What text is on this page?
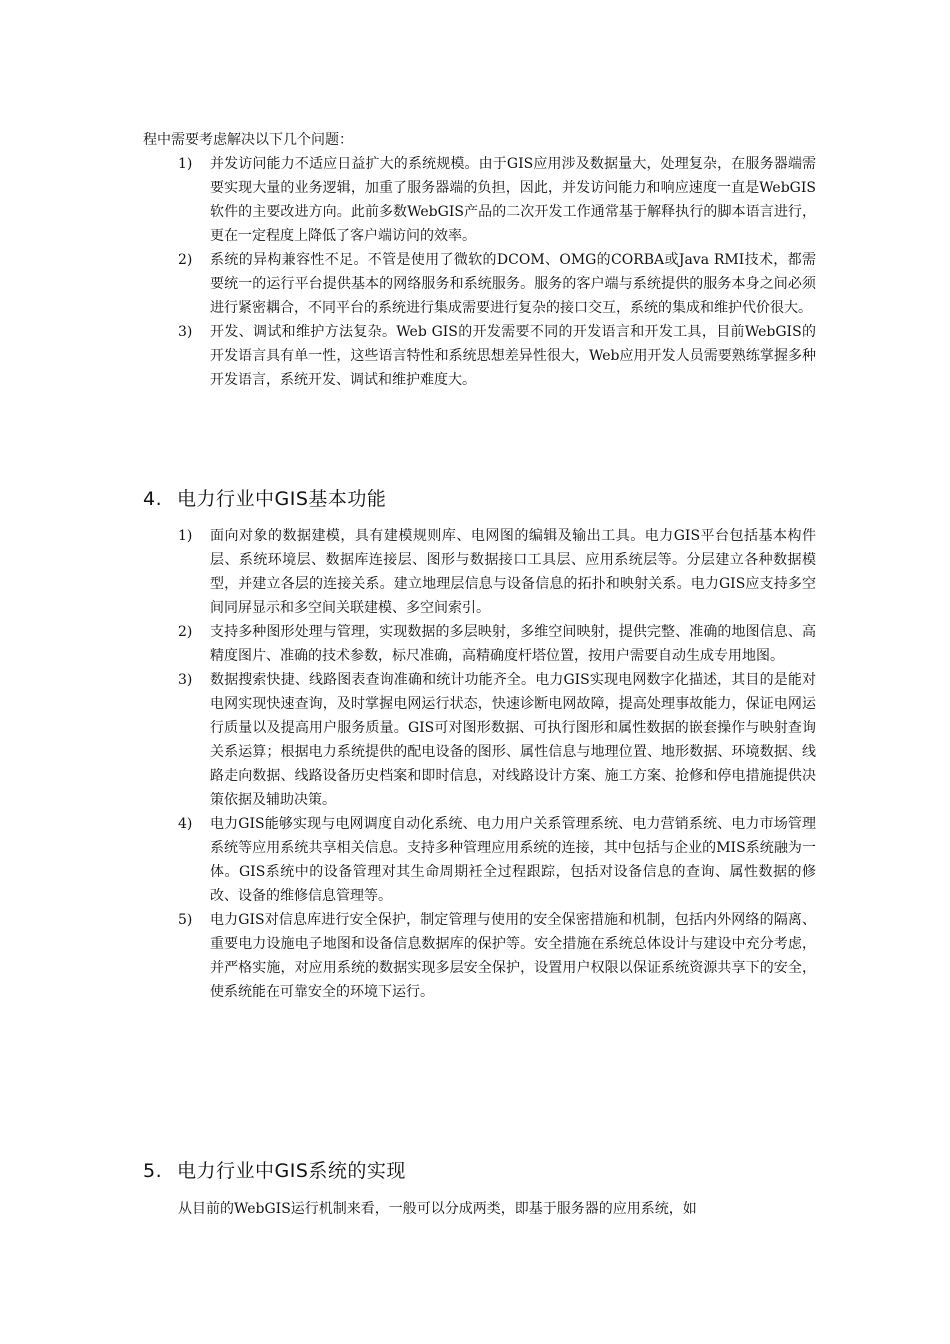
程中需要考虑解决以下几个问题：
1)	并发访问能力不适应日益扩大的系统规模。由于GIS应用涉及数据量大，处理复杂，在服务器端需要实现大量的业务逻辑，加重了服务器端的负担，因此，并发访问能力和响应速度一直是WebGIS软件的主要改进方向。此前多数WebGIS产品的二次开发工作通常基于解释执行的脚本语言进行，更在一定程度上降低了客户端访问的效率。
2)	系统的异构兼容性不足。不管是使用了微软的DCOM、OMG的CORBA或Java RMI技术，都需要统一的运行平台提供基本的网络服务和系统服务。服务的客户端与系统提供的服务本身之间必须进行紧密耦合，不同平台的系统进行集成需要进行复杂的接口交互，系统的集成和维护代价很大。
3)	开发、调试和维护方法复杂。Web GIS的开发需要不同的开发语言和开发工具，目前WebGIS的开发语言具有单一性，这些语言特性和系统思想差异性很大，Web应用开发人员需要熟练掌握多种开发语言，系统开发、调试和维护难度大。
4. 电力行业中GIS基本功能
1)	面向对象的数据建模，具有建模规则库、电网图的编辑及输出工具。电力GIS平台包括基本构件层、系统环境层、数据库连接层、图形与数据接口工具层、应用系统层等。分层建立各种数据模型，并建立各层的连接关系。建立地理层信息与设备信息的拓扑和映射关系。电力GIS应支持多空间同屏显示和多空间关联建模、多空间索引。
2)	支持多种图形处理与管理，实现数据的多层映射，多维空间映射，提供完整、准确的地图信息、高精度图片、准确的技术参数，标尺准确，高精确度杆塔位置，按用户需要自动生成专用地图。
3)	数据搜索快捷、线路图表查询准确和统计功能齐全。电力GIS实现电网数字化描述，其目的是能对电网实现快速查询，及时掌握电网运行状态，快速诊断电网故障，提高处理事故能力，保证电网运行质量以及提高用户服务质量。GIS可对图形数据、可执行图形和属性数据的嵌套操作与映射查询关系运算；根据电力系统提供的配电设备的图形、属性信息与地理位置、地形数据、环境数据、线路走向数据、线路设备历史档案和即时信息，对线路设计方案、施工方案、抢修和停电措施提供决策依据及辅助决策。
4)	电力GIS能够实现与电网调度自动化系统、电力用户关系管理系统、电力营销系统、电力市场管理系统等应用系统共享相关信息。支持多种管理应用系统的连接，其中包括与企业的MIS系统融为一体。GIS系统中的设备管理对其生命周期衽全过程跟踪，包括对设备信息的查询、属性数据的修改、设备的维修信息管理等。
5)	电力GIS对信息库进行安全保护，制定管理与使用的安全保密措施和机制，包括内外网络的隔离、重要电力设施电子地图和设备信息数据库的保护等。安全措施在系统总体设计与建设中充分考虑，并严格实施，对应用系统的数据实现多层安全保护，设置用户权限以保证系统资源共享下的安全，使系统能在可靠安全的环境下运行。
5. 电力行业中GIS系统的实现
从目前的WebGIS运行机制来看，一般可以分成两类，即基于服务器的应用系统，如
